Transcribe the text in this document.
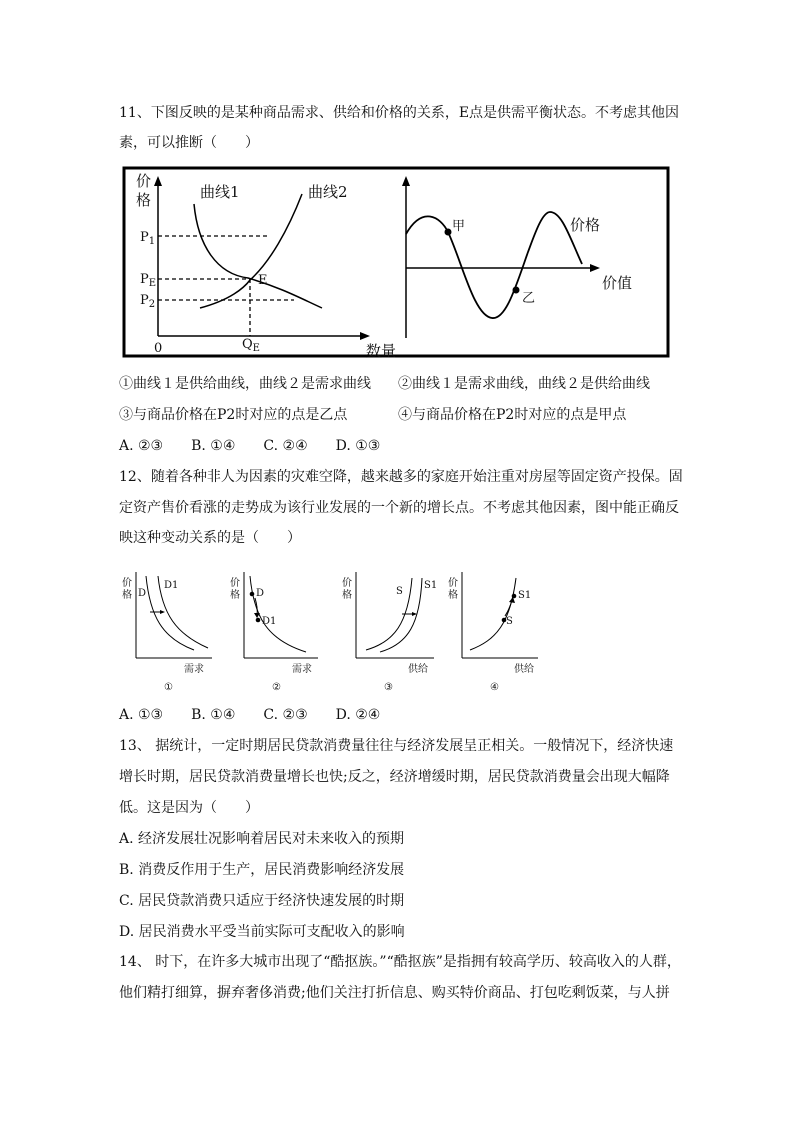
11、下图反映的是某种商品需求、供给和价格的关系，E点是供需平衡状态。不考虑其他因
素，可以推断（　　）
价
格	曲线1	曲线2
$P_1$
$P_E$
$P_2$
E
0	$Q_E$	数量
甲
乙
价格
价值
①曲线１是供给曲线，曲线２是需求曲线 ②曲线１是需求曲线，曲线２是供给曲线
③与商品价格在P2时对应的点是乙点	④与商品价格在P2时对应的点是甲点
A. ②③　　B. ①④　　C. ②④　　D. ①③
12、随着各种非人为因素的灾难空降，越来越多的家庭开始注重对房屋等固定资产投保。固
定资产售价看涨的走势成为该行业发展的一个新的增长点。不考虑其他因素，图中能正确反
映这种变动关系的是（　　）
价
格 D
D1
需求
①
价
格 D
D1
需求
②
价
格	S
S1
供给
③
价
格	S1
S
供给
④
A. ①③　　B. ①④　　C. ②③　　D. ②④
13、 据统计，一定时期居民贷款消费量往往与经济发展呈正相关。一般情况下，经济快速
增长时期，居民贷款消费量增长也快;反之，经济增缓时期，居民贷款消费量会出现大幅降
低。这是因为（　　）
A. 经济发展壮况影响着居民对未来收入的预期
B. 消费反作用于生产，居民消费影响经济发展
C. 居民贷款消费只适应于经济快速发展的时期
D. 居民消费水平受当前实际可支配收入的影响
14、 时下，在许多大城市出现了“酷抠族。”“酷抠族”是指拥有较高学历、较高收入的人群，
他们精打细算，摒弃奢侈消费;他们关注打折信息、购买特价商品、打包吃剩饭菜，与人拼
